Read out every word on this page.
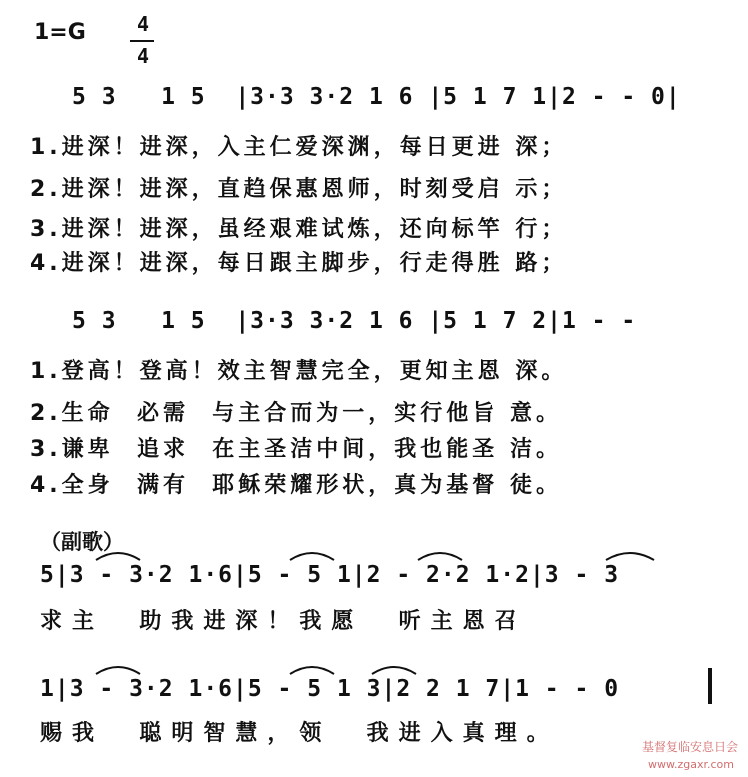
1=G	4
4
5 3   1 5  |3·3 3·2 1 6 |5 1 7 1|2 - - 0|
1.进深！进深，入主仁爱深渊，每日更进 深；
2.进深！进深，直趋保惠恩师，时刻受启 示；
3.进深！进深，虽经艰难试炼，还向标竿 行；
4.进深！进深，每日跟主脚步，行走得胜 路；
5 3   1 5  |3·3 3·2 1 6 |5 1 7 2|1 - -
1.登高！登高！效主智慧完全，更知主恩 深。
2.生命  必需  与主合而为一，实行他旨 意。
3.谦卑  追求  在主圣洁中间，我也能圣 洁。
4.全身  满有  耶稣荣耀形状，真为基督 徒。
（副歌）
5|3 - 3·2 1·6|5 - 5 1|2 - 2·2 1·2|3 - 3
求主  助我进深！我愿  听主恩召
1|3 - 3·2 1·6|5 - 5 1 3|2 2 1 7|1 - - 0
赐我  聪明智慧，领  我进入真理。
基督复临安息日会
www.zgaxr.com
